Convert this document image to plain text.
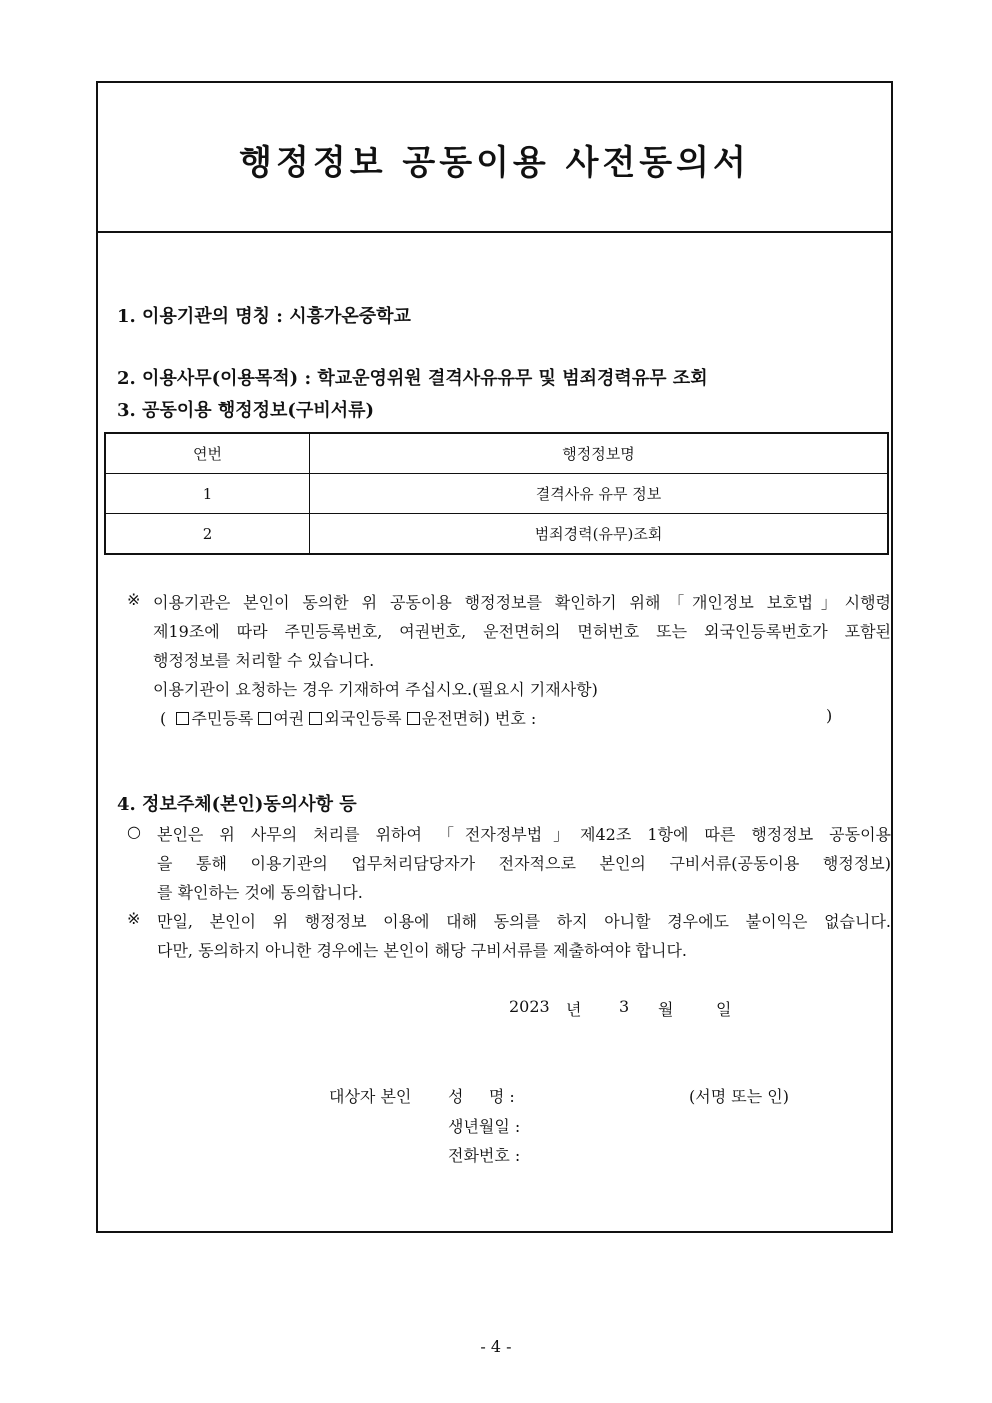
행정정보 공동이용 사전동의서
1. 이용기관의 명칭 : 시흥가온중학교
2. 이용사무(이용목적) : 학교운영위원 결격사유유무 및 범죄경력유무 조회
3. 공동이용 행정정보(구비서류)
연번	행정정보명
1	결격사유 유무 정보
2	범죄경력(유무)조회
※ 이용기관은 본인이 동의한 위 공동이용 행정정보를 확인하기 위해「개인정보 보호법」시행령
제19조에 따라 주민등록번호, 여권번호, 운전면허의 면허번호 또는 외국인등록번호가 포함된
행정정보를 처리할 수 있습니다.
이용기관이 요청하는 경우 기재하여 주십시오.(필요시 기재사항)
( 주민등록 여권 외국인등록 운전면허) 번호 :	)
4. 정보주체(본인)동의사항 등
○ 본인은 위 사무의 처리를 위하여 「전자정부법」제42조 1항에 따른 행정정보 공동이용
을 통해 이용기관의 업무처리담당자가 전자적으로 본인의 구비서류(공동이용 행정정보)
를 확인하는 것에 동의합니다.
※ 만일, 본인이 위 행정정보 이용에 대해 동의를 하지 아니할 경우에도 불이익은 없습니다.
다만, 동의하지 아니한 경우에는 본인이 해당 구비서류를 제출하여야 합니다.
2023 년 3 월	일
대상자 본인 성     명 :	(서명 또는 인)
생년월일 :
전화번호 :
- 4 -
